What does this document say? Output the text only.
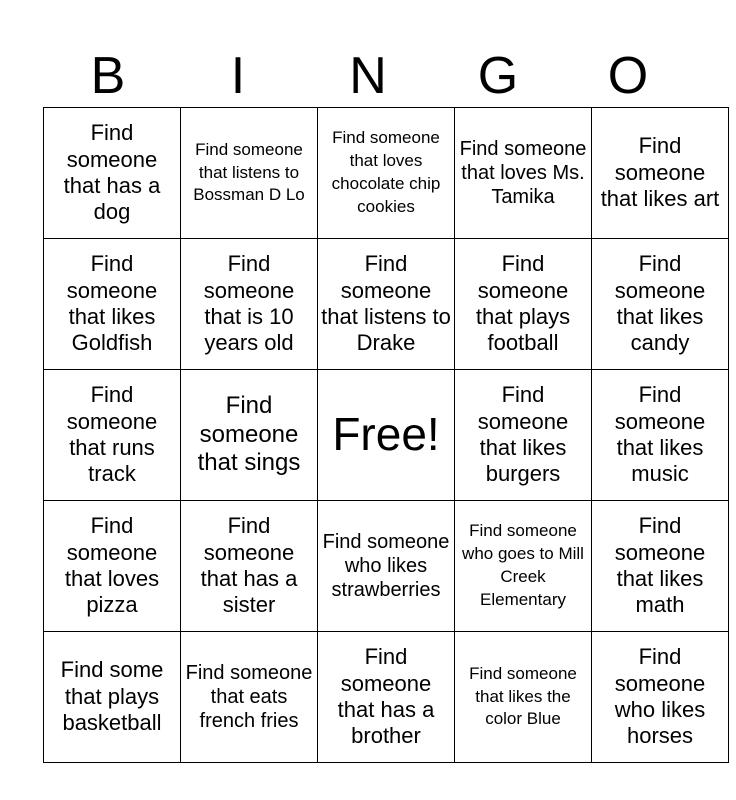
B	I	N	G	O
Find someone that has a dog	Find someone that listens to Bossman D Lo	Find someone that loves chocolate chip cookies	Find someone that loves Ms. Tamika	Find someone that likes art
Find someone that likes Goldfish	Find someone that is 10 years old	Find someone that listens to Drake	Find someone that plays football	Find someone that likes candy
Find someone that runs track	Find someone that sings	Free!	Find someone that likes burgers	Find someone that likes music
Find someone that loves pizza	Find someone that has a sister	Find someone who likes strawberries	Find someone who goes to Mill Creek Elementary	Find someone that likes math
Find some that plays basketball	Find someone that eats french fries	Find someone that has a brother	Find someone that likes the color Blue	Find someone who likes horses
